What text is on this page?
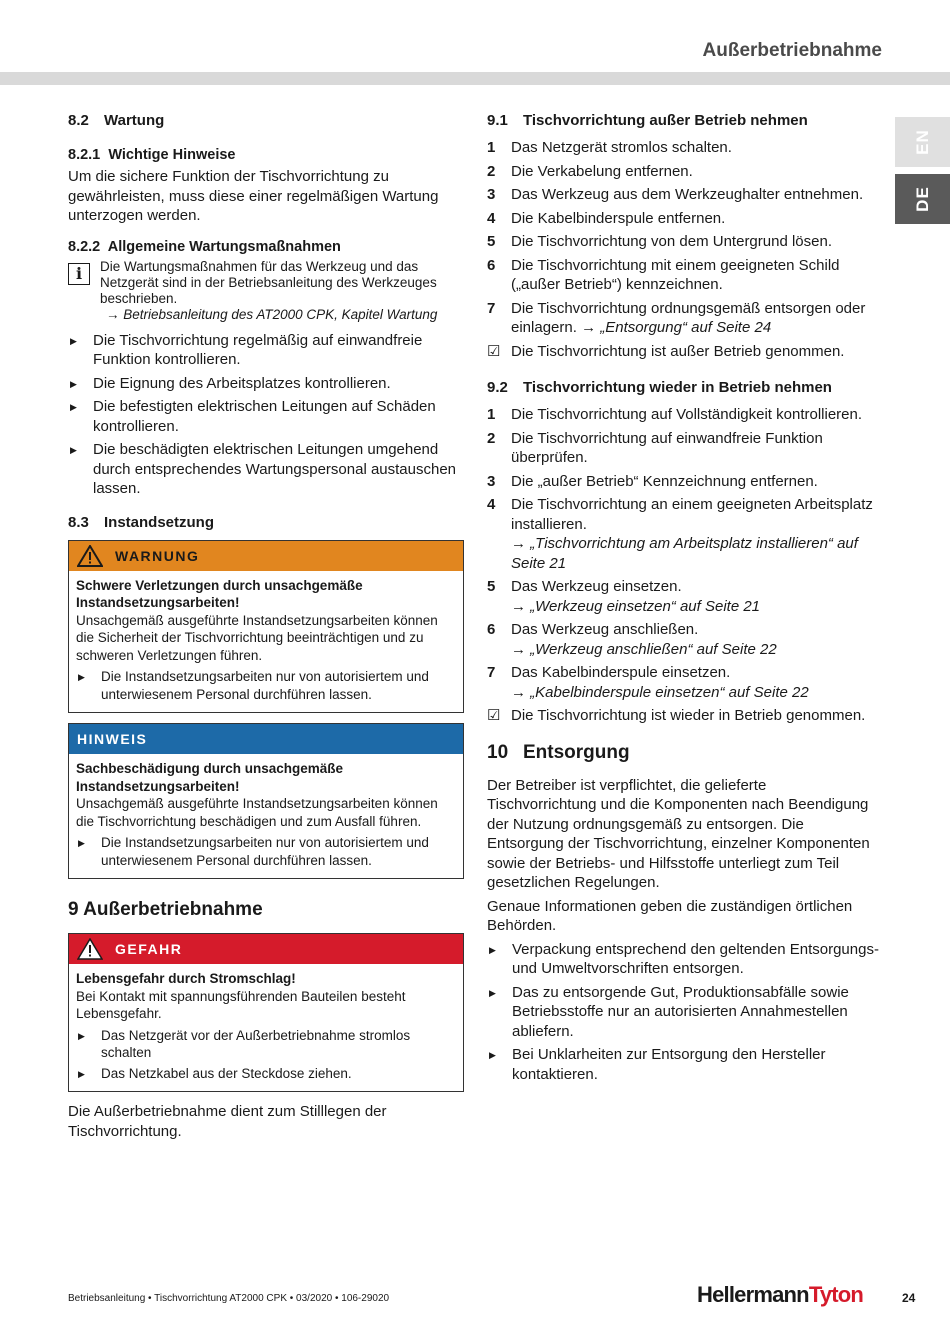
Außerbetriebnahme
EN
DE
8.2 Wartung
8.2.1 Wichtige Hinweise

Um die sichere Funktion der Tischvorrichtung zu gewährleisten, muss diese einer regelmäßigen Wartung unterzogen werden.

8.2.2 Allgemeine Wartungsmaßnahmen
i	Die Wartungsmaßnahmen für das Werkzeug und das Netzgerät sind in der Betriebsanleitung des Werkzeuges beschrieben.
→ Betriebsanleitung des AT2000 CPK, Kapitel Wartung
▶ Die Tischvorrichtung regelmäßig auf einwandfreie Funktion kontrollieren.
▶ Die Eignung des Arbeitsplatzes kontrollieren.
▶ Die befestigten elektrischen Leitungen auf Schäden kontrollieren.
▶ Die beschädigten elektrischen Leitungen umgehend durch entsprechendes Wartungspersonal austauschen lassen.
8.3 Instandsetzung
WARNUNG
Schwere Verletzungen durch unsachgemäße Instandsetzungsarbeiten!
Unsachgemäß ausgeführte Instandsetzungsarbeiten können die Sicherheit der Tischvorrichtung beeinträchtigen und zu schweren Verletzungen führen.
▶ Die Instandsetzungsarbeiten nur von autorisiertem und unterwiesenem Personal durchführen lassen.
HINWEIS
Sachbeschädigung durch unsachgemäße Instandsetzungsarbeiten!
Unsachgemäß ausgeführte Instandsetzungsarbeiten können die Tischvorrichtung beschädigen und zum Ausfall führen.
▶ Die Instandsetzungsarbeiten nur von autorisiertem und unterwiesenem Personal durchführen lassen.
9 Außerbetriebnahme
GEFAHR
Lebensgefahr durch Stromschlag!
Bei Kontakt mit spannungsführenden Bauteilen besteht Lebensgefahr.
▶ Das Netzgerät vor der Außerbetriebnahme stromlos schalten
▶ Das Netzkabel aus der Steckdose ziehen.

Die Außerbetriebnahme dient zum Stilllegen der Tischvorrichtung.

9.1 Tischvorrichtung außer Betrieb nehmen
1	Das Netzgerät stromlos schalten.
2	Die Verkabelung entfernen.
3	Das Werkzeug aus dem Werkzeughalter entnehmen.
4	Die Kabelbinderspule entfernen.
5	Die Tischvorrichtung von dem Untergrund lösen.
6	Die Tischvorrichtung mit einem geeigneten Schild („außer Betrieb“) kennzeichnen.
7	Die Tischvorrichtung ordnungsgemäß entsorgen oder einlagern. → „Entsorgung“ auf Seite 24
☑ Die Tischvorrichtung ist außer Betrieb genommen.
9.2 Tischvorrichtung wieder in Betrieb nehmen
1	Die Tischvorrichtung auf Vollständigkeit kontrollieren.
2	Die Tischvorrichtung auf einwandfreie Funktion überprüfen.
3	Die „außer Betrieb“ Kennzeichnung entfernen.
4	Die Tischvorrichtung an einem geeigneten Arbeitsplatz installieren.
→ „Tischvorrichtung am Arbeitsplatz installieren“ auf Seite 21
5	Das Werkzeug einsetzen.
→ „Werkzeug einsetzen“ auf Seite 21
6	Das Werkzeug anschließen.
→ „Werkzeug anschließen“ auf Seite 22
7	Das Kabelbinderspule einsetzen.
→ „Kabelbinderspule einsetzen“ auf Seite 22
☑ Die Tischvorrichtung ist wieder in Betrieb genommen.
10 Entsorgung

Der Betreiber ist verpflichtet, die gelieferte Tischvorrichtung und die Komponenten nach Beendigung der Nutzung ordnungsgemäß zu entsorgen. Die Entsorgung der Tischvorrichtung, einzelner Komponenten sowie der Betriebs- und Hilfsstoffe unterliegt zum Teil gesetzlichen Regelungen.

Genaue Informationen geben die zuständigen örtlichen Behörden.

▶ Verpackung entsprechend den geltenden Entsorgungs- und Umweltvorschriften entsorgen.
▶ Das zu entsorgende Gut, Produktionsabfälle sowie Betriebsstoffe nur an autorisierten Annahmestellen abliefern.
▶ Bei Unklarheiten zur Entsorgung den Hersteller kontaktieren.
Betriebsanleitung • Tischvorrichtung AT2000 CPK • 03/2020 • 106-29020	HellermannTyton	24
